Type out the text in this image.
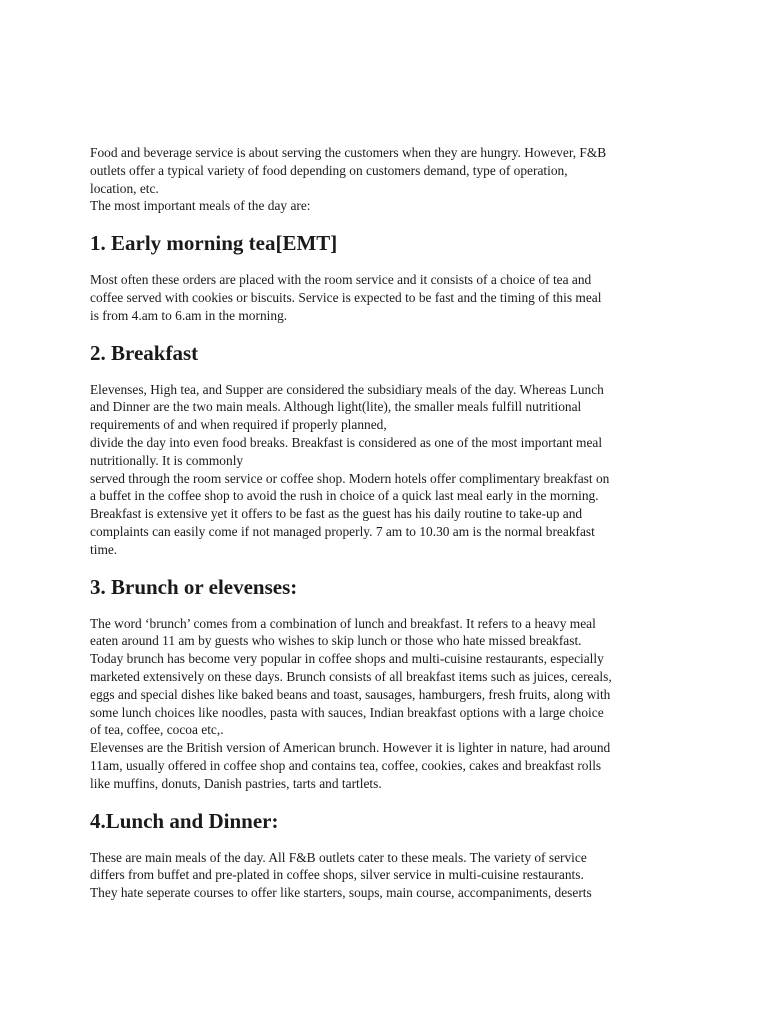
Food and beverage service is about serving the customers when they are hungry. However, F&B
outlets offer a typical variety of food depending on customers demand, type of operation,
location, etc.
The most important meals of the day are:

1. Early morning tea[EMT]

Most often these orders are placed with the room service and it consists of a choice of tea and
coffee served with cookies or biscuits. Service is expected to be fast and the timing of this meal
is from 4.am to 6.am in the morning.

2. Breakfast

Elevenses, High tea, and Supper are considered the subsidiary meals of the day. Whereas Lunch
and Dinner are the two main meals. Although light(lite), the smaller meals fulfill nutritional
requirements of and when required if properly planned,
divide the day into even food breaks. Breakfast is considered as one of the most important meal
nutritionally. It is commonly
served through the room service or coffee shop. Modern hotels offer complimentary breakfast on
a buffet in the coffee shop to avoid the rush in choice of a quick last meal early in the morning.
Breakfast is extensive yet it offers to be fast as the guest has his daily routine to take-up and
complaints can easily come if not managed properly. 7 am to 10.30 am is the normal breakfast
time.

3. Brunch or elevenses:

The word ‘brunch’ comes from a combination of lunch and breakfast. It refers to a heavy meal
eaten around 11 am by guests who wishes to skip lunch or those who hate missed breakfast.
Today brunch has become very popular in coffee shops and multi-cuisine restaurants, especially
marketed extensively on these days. Brunch consists of all breakfast items such as juices, cereals,
eggs and special dishes like baked beans and toast, sausages, hamburgers, fresh fruits, along with
some lunch choices like noodles, pasta with sauces, Indian breakfast options with a large choice
of tea, coffee, cocoa etc,.
Elevenses are the British version of American brunch. However it is lighter in nature, had around
11am, usually offered in coffee shop and contains tea, coffee, cookies, cakes and breakfast rolls
like muffins, donuts, Danish pastries, tarts and tartlets.

4.Lunch and Dinner:

These are main meals of the day. All F&B outlets cater to these meals. The variety of service
differs from buffet and pre-plated in coffee shops, silver service in multi-cuisine restaurants.
They hate seperate courses to offer like starters, soups, main course, accompaniments, deserts
